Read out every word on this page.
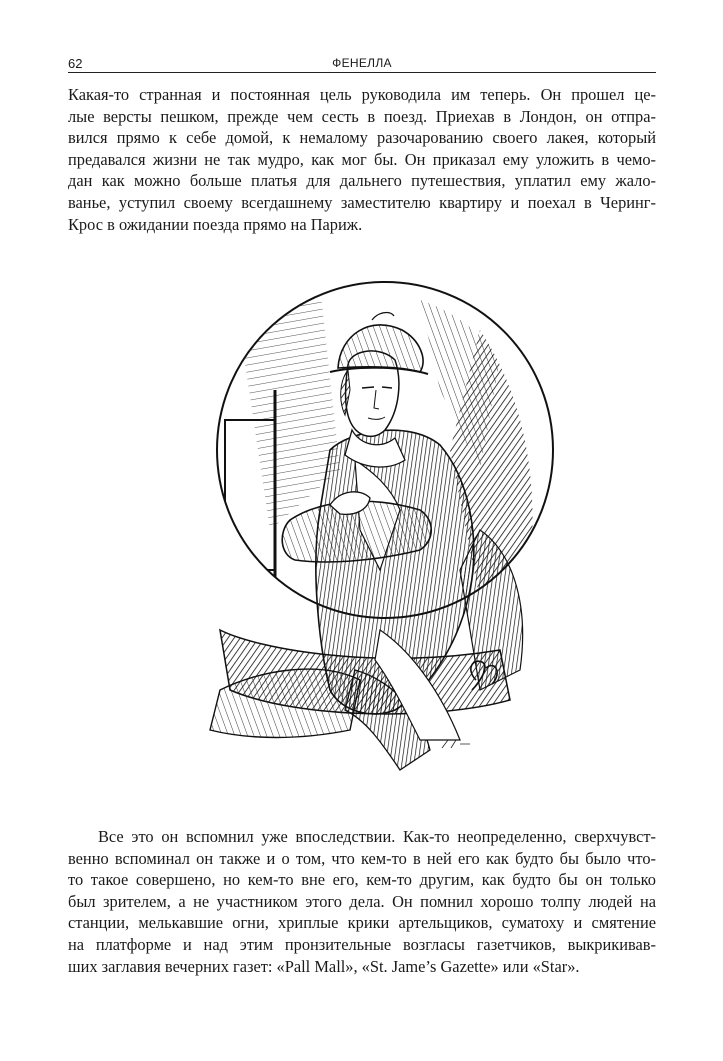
62	ФЕНЕЛЛА

Какая-то странная и постоянная цель руководила им теперь. Он прошел це-
лые версты пешком, прежде чем сесть в поезд. Приехав в Лондон, он отпра-
вился прямо к себе домой, к немалому разочарованию своего лакея, который
предавался жизни не так мудро, как мог бы. Он приказал ему уложить в чемо-
дан как можно больше платья для дальнего путешествия, уплатил ему жало-
ванье, уступил своему всегдашнему заместителю квартиру и поехал в Черинг-
Крос в ожидании поезда прямо на Париж.

Все это он вспомнил уже впоследствии. Как-то неопределенно, сверхчувст-
венно вспоминал он также и о том, что кем-то в ней его как будто бы было что-
то такое совершено, но кем-то вне его, кем-то другим, как будто бы он только
был зрителем, а не участником этого дела. Он помнил хорошо толпу людей на
станции, мелькавшие огни, хриплые крики артельщиков, суматоху и смятение
на платформе и над этим пронзительные возгласы газетчиков, выкрикивав-
ших заглавия вечерних газет: «Pall Mall», «St. Jame’s Gazette» или «Star».
